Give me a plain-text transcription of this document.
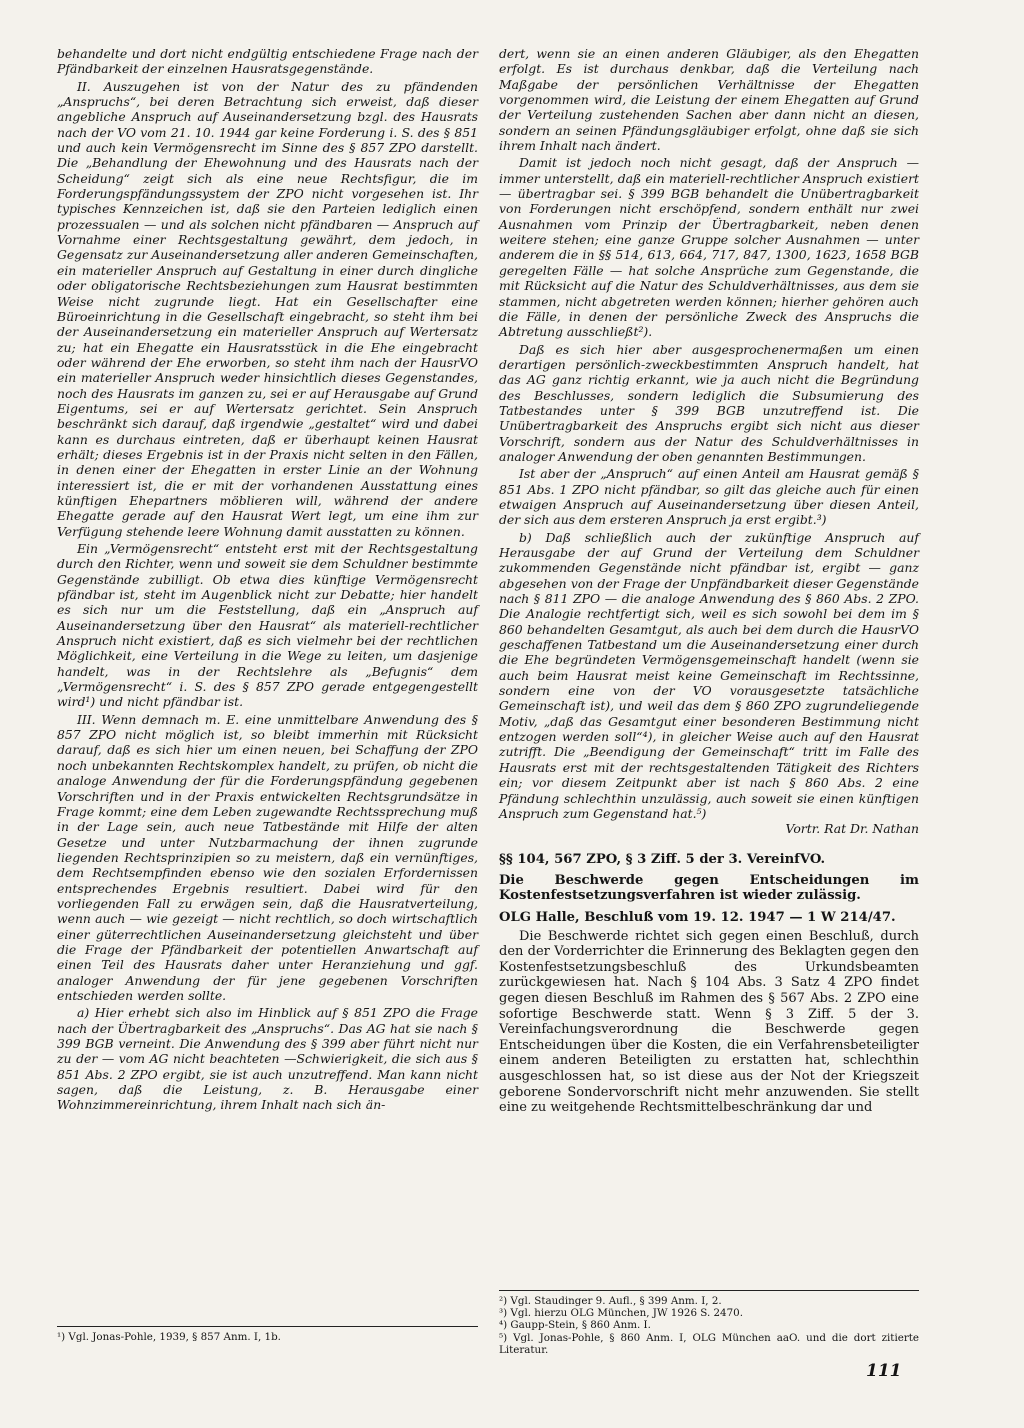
behandelte und dort nicht endgültig entschiedene Frage nach der Pfändbarkeit der einzelnen Hausratsgegenstände.

II. Auszugehen ist von der Natur des zu pfändenden „Anspruchs“, bei deren Betrachtung sich erweist, daß dieser angebliche Anspruch auf Auseinandersetzung bzgl. des Hausrats nach der VO vom 21. 10. 1944 gar keine Forderung i. S. des § 851 und auch kein Vermögensrecht im Sinne des § 857 ZPO darstellt. Die „Behandlung der Ehewohnung und des Hausrats nach der Scheidung“ zeigt sich als eine neue Rechtsfigur, die im Forderungspfändungssystem der ZPO nicht vorgesehen ist. Ihr typisches Kennzeichen ist, daß sie den Parteien lediglich einen prozessualen — und als solchen nicht pfändbaren — Anspruch auf Vornahme einer Rechtsgestaltung gewährt, dem jedoch, in Gegensatz zur Auseinandersetzung aller anderen Gemeinschaften, ein materieller Anspruch auf Gestaltung in einer durch dingliche oder obligatorische Rechtsbeziehungen zum Hausrat bestimmten Weise nicht zugrunde liegt. Hat ein Gesellschafter eine Büroeinrichtung in die Gesellschaft eingebracht, so steht ihm bei der Auseinandersetzung ein materieller Anspruch auf Wertersatz zu; hat ein Ehegatte ein Hausratsstück in die Ehe eingebracht oder während der Ehe erworben, so steht ihm nach der HausrVO ein materieller Anspruch weder hinsichtlich dieses Gegenstandes, noch des Hausrats im ganzen zu, sei er auf Herausgabe auf Grund Eigentums, sei er auf Wertersatz gerichtet. Sein Anspruch beschränkt sich darauf, daß irgendwie „gestaltet“ wird und dabei kann es durchaus eintreten, daß er überhaupt keinen Hausrat erhält; dieses Ergebnis ist in der Praxis nicht selten in den Fällen, in denen einer der Ehegatten in erster Linie an der Wohnung interessiert ist, die er mit der vorhandenen Ausstattung eines künftigen Ehepartners möblieren will, während der andere Ehegatte gerade auf den Hausrat Wert legt, um eine ihm zur Verfügung stehende leere Wohnung damit ausstatten zu können.

Ein „Vermögensrecht“ entsteht erst mit der Rechtsgestaltung durch den Richter, wenn und soweit sie dem Schuldner bestimmte Gegenstände zubilligt. Ob etwa dies künftige Vermögensrecht pfändbar ist, steht im Augenblick nicht zur Debatte; hier handelt es sich nur um die Feststellung, daß ein „Anspruch auf Auseinandersetzung über den Hausrat“ als materiell-rechtlicher Anspruch nicht existiert, daß es sich vielmehr bei der rechtlichen Möglichkeit, eine Verteilung in die Wege zu leiten, um dasjenige handelt, was in der Rechtslehre als „Befugnis“ dem „Vermögensrecht“ i. S. des § 857 ZPO gerade entgegengestellt wird¹) und nicht pfändbar ist.

III. Wenn demnach m. E. eine unmittelbare Anwendung des § 857 ZPO nicht möglich ist, so bleibt immerhin mit Rücksicht darauf, daß es sich hier um einen neuen, bei Schaffung der ZPO noch unbekannten Rechtskomplex handelt, zu prüfen, ob nicht die analoge Anwendung der für die Forderungspfändung gegebenen Vorschriften und in der Praxis entwickelten Rechtsgrundsätze in Frage kommt; eine dem Leben zugewandte Rechtssprechung muß in der Lage sein, auch neue Tatbestände mit Hilfe der alten Gesetze und unter Nutzbarmachung der ihnen zugrunde liegenden Rechtsprinzipien so zu meistern, daß ein vernünftiges, dem Rechtsempfinden ebenso wie den sozialen Erfordernissen entsprechendes Ergebnis resultiert. Dabei wird für den vorliegenden Fall zu erwägen sein, daß die Hausratverteilung, wenn auch — wie gezeigt — nicht rechtlich, so doch wirtschaftlich einer güterrechtlichen Auseinandersetzung gleichsteht und über die Frage der Pfändbarkeit der potentiellen Anwartschaft auf einen Teil des Hausrats daher unter Heranziehung und ggf. analoger Anwendung der für jene gegebenen Vorschriften entschieden werden sollte.

a) Hier erhebt sich also im Hinblick auf § 851 ZPO die Frage nach der Übertragbarkeit des „Anspruchs“. Das AG hat sie nach § 399 BGB verneint. Die Anwendung des § 399 aber führt nicht nur zu der — vom AG nicht beachteten —Schwierigkeit, die sich aus § 851 Abs. 2 ZPO ergibt, sie ist auch unzutreffend. Man kann nicht sagen, daß die Leistung, z. B. Herausgabe einer Wohnzimmereinrichtung, ihrem Inhalt nach sich än-

¹) Vgl. Jonas-Pohle, 1939, § 857 Anm. I, 1b.

dert, wenn sie an einen anderen Gläubiger, als den Ehegatten erfolgt. Es ist durchaus denkbar, daß die Verteilung nach Maßgabe der persönlichen Verhältnisse der Ehegatten vorgenommen wird, die Leistung der einem Ehegatten auf Grund der Verteilung zustehenden Sachen aber dann nicht an diesen, sondern an seinen Pfändungsgläubiger erfolgt, ohne daß sie sich ihrem Inhalt nach ändert.

Damit ist jedoch noch nicht gesagt, daß der Anspruch — immer unterstellt, daß ein materiell-rechtlicher Anspruch existiert — übertragbar sei. § 399 BGB behandelt die Unübertragbarkeit von Forderungen nicht erschöpfend, sondern enthält nur zwei Ausnahmen vom Prinzip der Übertragbarkeit, neben denen weitere stehen; eine ganze Gruppe solcher Ausnahmen — unter anderem die in §§ 514, 613, 664, 717, 847, 1300, 1623, 1658 BGB geregelten Fälle — hat solche Ansprüche zum Gegenstande, die mit Rücksicht auf die Natur des Schuldverhältnisses, aus dem sie stammen, nicht abgetreten werden können; hierher gehören auch die Fälle, in denen der persönliche Zweck des Anspruchs die Abtretung ausschließt²).

Daß es sich hier aber ausgesprochenermaßen um einen derartigen persönlich-zweckbestimmten Anspruch handelt, hat das AG ganz richtig erkannt, wie ja auch nicht die Begründung des Beschlusses, sondern lediglich die Subsumierung des Tatbestandes unter § 399 BGB unzutreffend ist. Die Unübertragbarkeit des Anspruchs ergibt sich nicht aus dieser Vorschrift, sondern aus der Natur des Schuldverhältnisses in analoger Anwendung der oben genannten Bestimmungen.

Ist aber der „Anspruch“ auf einen Anteil am Hausrat gemäß § 851 Abs. 1 ZPO nicht pfändbar, so gilt das gleiche auch für einen etwaigen Anspruch auf Auseinandersetzung über diesen Anteil, der sich aus dem ersteren Anspruch ja erst ergibt.³)

b) Daß schließlich auch der zukünftige Anspruch auf Herausgabe der auf Grund der Verteilung dem Schuldner zukommenden Gegenstände nicht pfändbar ist, ergibt — ganz abgesehen von der Frage der Unpfändbarkeit dieser Gegenstände nach § 811 ZPO — die analoge Anwendung des § 860 Abs. 2 ZPO. Die Analogie rechtfertigt sich, weil es sich sowohl bei dem im § 860 behandelten Gesamtgut, als auch bei dem durch die HausrVO geschaffenen Tatbestand um die Auseinandersetzung einer durch die Ehe begründeten Vermögensgemeinschaft handelt (wenn sie auch beim Hausrat meist keine Gemeinschaft im Rechtssinne, sondern eine von der VO vorausgesetzte tatsächliche Gemeinschaft ist), und weil das dem § 860 ZPO zugrundeliegende Motiv, „daß das Gesamtgut einer besonderen Bestimmung nicht entzogen werden soll“⁴), in gleicher Weise auch auf den Hausrat zutrifft. Die „Beendigung der Gemeinschaft“ tritt im Falle des Hausrats erst mit der rechtsgestaltenden Tätigkeit des Richters ein; vor diesem Zeitpunkt aber ist nach § 860 Abs. 2 eine Pfändung schlechthin unzulässig, auch soweit sie einen künftigen Anspruch zum Gegenstand hat.⁵)

Vortr. Rat Dr. Nathan

§§ 104, 567 ZPO, § 3 Ziff. 5 der 3. VereinfVO.

Die Beschwerde gegen Entscheidungen im Kostenfestsetzungsverfahren ist wieder zulässig.

OLG Halle, Beschluß vom 19. 12. 1947 — 1 W 214/47.

Die Beschwerde richtet sich gegen einen Beschluß, durch den der Vorderrichter die Erinnerung des Beklagten gegen den Kostenfestsetzungsbeschluß des Urkundsbeamten zurückgewiesen hat. Nach § 104 Abs. 3 Satz 4 ZPO findet gegen diesen Beschluß im Rahmen des § 567 Abs. 2 ZPO eine sofortige Beschwerde statt. Wenn § 3 Ziff. 5 der 3. Vereinfachungsverordnung die Beschwerde gegen Entscheidungen über die Kosten, die ein Verfahrensbeteiligter einem anderen Beteiligten zu erstatten hat, schlechthin ausgeschlossen hat, so ist diese aus der Not der Kriegszeit geborene Sondervorschrift nicht mehr anzuwenden. Sie stellt eine zu weitgehende Rechtsmittelbeschränkung dar und

²) Vgl. Staudinger 9. Aufl., § 399 Anm. I, 2.

³) Vgl. hierzu OLG München, JW 1926 S. 2470.

⁴) Gaupp-Stein, § 860 Anm. I.

⁵) Vgl. Jonas-Pohle, § 860 Anm. I, OLG München aaO. und die dort zitierte Literatur.

111
